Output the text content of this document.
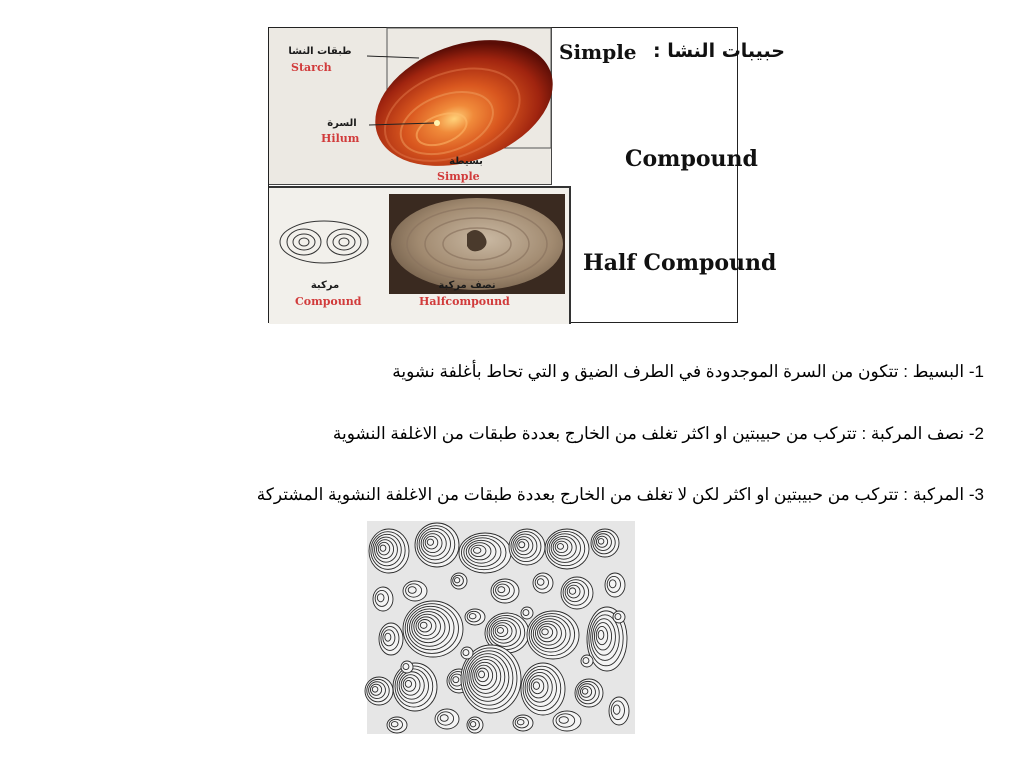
طبقات النشا
Starch
السرة
Hilum
بسيطة
Simple
مركبة
Compound
نصف مركبة
Halfcompound
حبيبات النشا :
Simple
Compound
Half Compound
1- البسيط : تتكون من السرة الموجدودة في الطرف الضيق و التي تحاط بأغلفة نشوية
2- نصف المركبة : تتركب من حبيبتين او اكثر تغلف من الخارج بعددة طبقات من الاغلفة النشوية
3- المركبة : تتركب من حبيبتين او اكثر لكن لا تغلف من الخارج بعددة طبقات من الاغلفة النشوية المشتركة
